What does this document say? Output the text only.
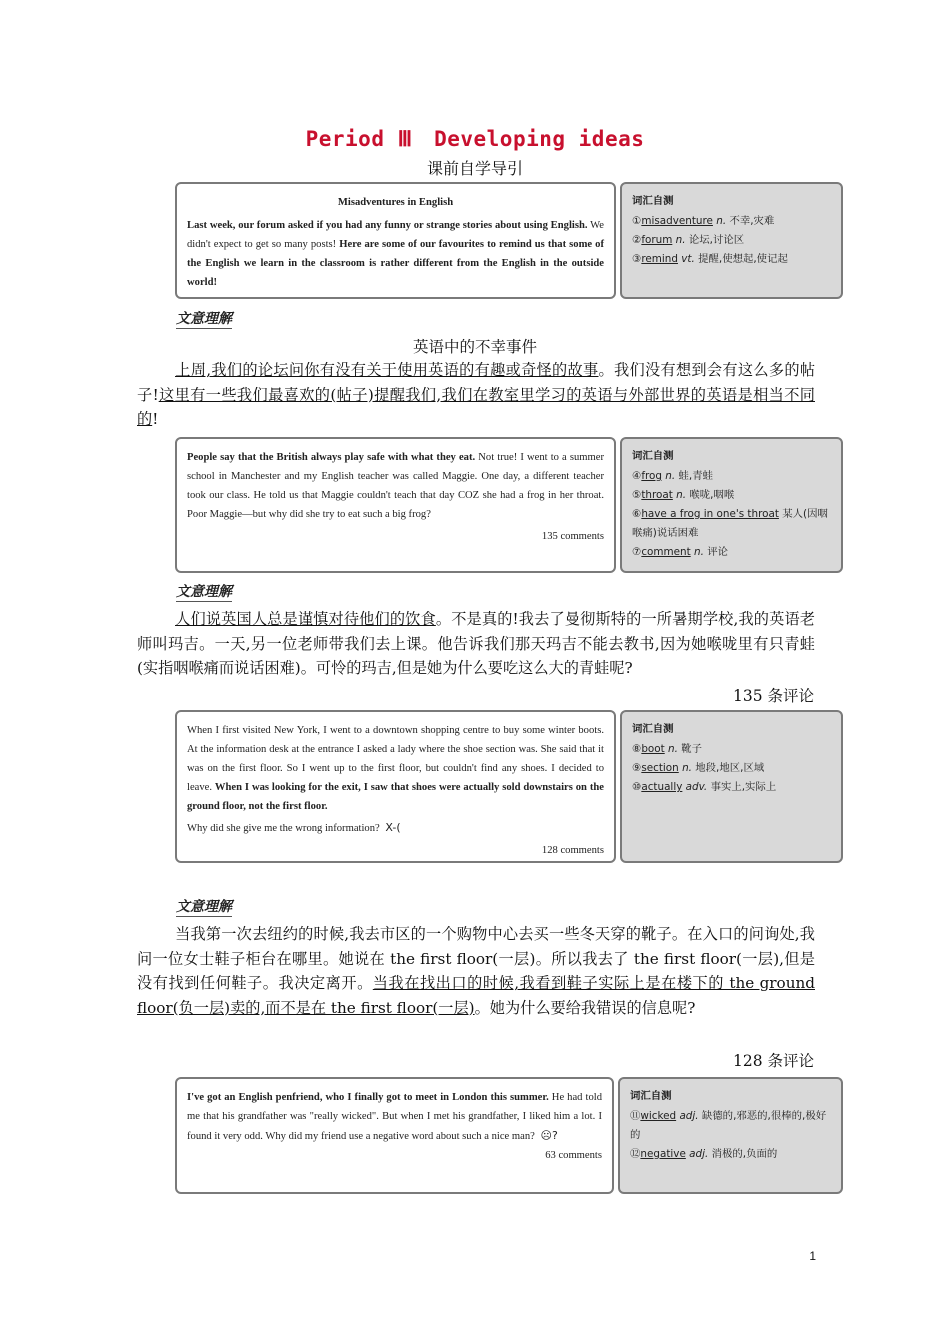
Period Ⅲ　Developing ideas
课前自学导引

Misadventures in English

Last week, our forum asked if you had any funny or strange stories about using English. We didn't expect to get so many posts! Here are some of our favourites to remind us that some of the English we learn in the classroom is rather different from the English in the outside world!

词汇自测
①misadventure n. 不幸,灾难
②forum n. 论坛,讨论区
③remind vt. 提醒,使想起,使记起
文意理解
英语中的不幸事件
上周,我们的论坛问你有没有关于使用英语的有趣或奇怪的故事。我们没有想到会有这么多的帖子!这里有一些我们最喜欢的(帖子)提醒我们,我们在教室里学习的英语与外部世界的英语是相当不同的!

People say that the British always play safe with what they eat. Not true! I went to a summer school in Manchester and my English teacher was called Maggie. One day, a different teacher took our class. He told us that Maggie couldn't teach that day COZ she had a frog in her throat. Poor Maggie—but why did she try to eat such a big frog?

135 comments

词汇自测
④frog n. 蛙,青蛙
⑤throat n. 喉咙,咽喉
⑥have a frog in one's throat 某人(因咽喉痛)说话困难
⑦comment n. 评论
文意理解
人们说英国人总是谨慎对待他们的饮食。不是真的!我去了曼彻斯特的一所暑期学校,我的英语老师叫玛吉。一天,另一位老师带我们去上课。他告诉我们那天玛吉不能去教书,因为她喉咙里有只青蛙(实指咽喉痛而说话困难)。可怜的玛吉,但是她为什么要吃这么大的青蛙呢?
135 条评论

When I first visited New York, I went to a downtown shopping centre to buy some winter boots. At the information desk at the entrance I asked a lady where the shoe section was. She said that it was on the first floor. So I went up to the first floor, but couldn't find any shoes. I decided to leave. When I was looking for the exit, I saw that shoes were actually sold downstairs on the ground floor, not the first floor.

Why did she give me the wrong information? X-(

128 comments

词汇自测
⑧boot n. 靴子
⑨section n. 地段,地区,区域
⑩actually adv. 事实上,实际上
文意理解
当我第一次去纽约的时候,我去市区的一个购物中心去买一些冬天穿的靴子。在入口的问询处,我问一位女士鞋子柜台在哪里。她说在 the first floor(一层)。所以我去了 the first floor(一层),但是没有找到任何鞋子。我决定离开。当我在找出口的时候,我看到鞋子实际上是在楼下的 the ground floor(负一层)卖的,而不是在 the first floor(一层)。她为什么要给我错误的信息呢?
128 条评论

I've got an English penfriend, who I finally got to meet in London this summer. He had told me that his grandfather was "really wicked". But when I met his grandfather, I liked him a lot. I found it very odd. Why did my friend use a negative word about such a nice man? ☹?
63 comments

词汇自测
⑪wicked adj. 缺德的,邪恶的,很棒的,极好的
⑫negative adj. 消极的,负面的
1
